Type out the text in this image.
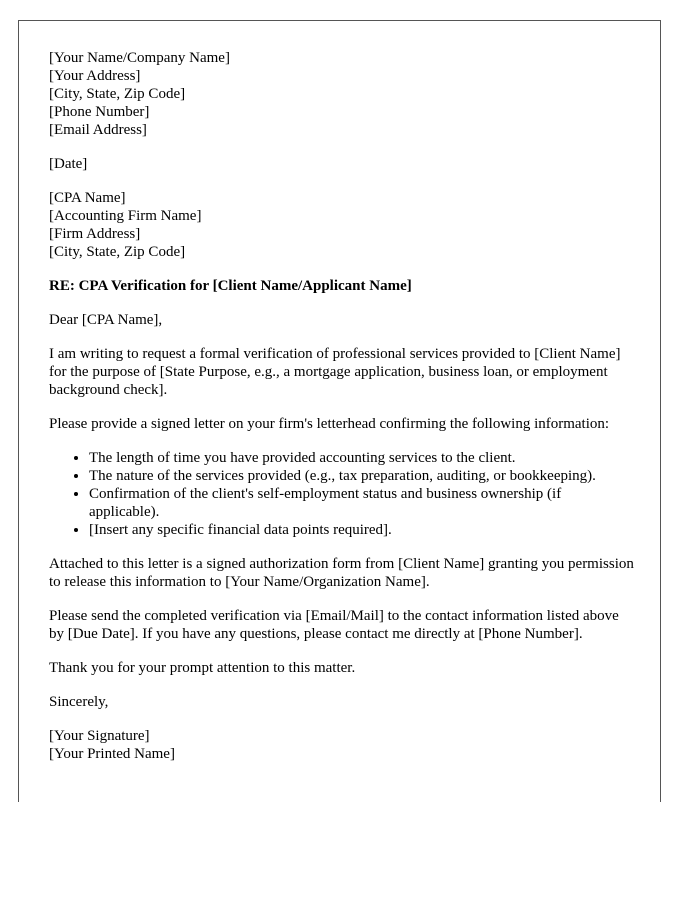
[Your Name/Company Name]
[Your Address]
[City, State, Zip Code]
[Phone Number]
[Email Address]
[Date]
[CPA Name]
[Accounting Firm Name]
[Firm Address]
[City, State, Zip Code]
RE: CPA Verification for [Client Name/Applicant Name]

Dear [CPA Name],

I am writing to request a formal verification of professional services provided to [Client Name] for the purpose of [State Purpose, e.g., a mortgage application, business loan, or employment background check].

Please provide a signed letter on your firm's letterhead confirming the following information:

• The length of time you have provided accounting services to the client.
• The nature of the services provided (e.g., tax preparation, auditing, or bookkeeping).
• Confirmation of the client's self-employment status and business ownership (if applicable).
• [Insert any specific financial data points required].

Attached to this letter is a signed authorization form from [Client Name] granting you permission to release this information to [Your Name/Organization Name].

Please send the completed verification via [Email/Mail] to the contact information listed above by [Due Date]. If you have any questions, please contact me directly at [Phone Number].

Thank you for your prompt attention to this matter.

Sincerely,

[Your Signature]
[Your Printed Name]
